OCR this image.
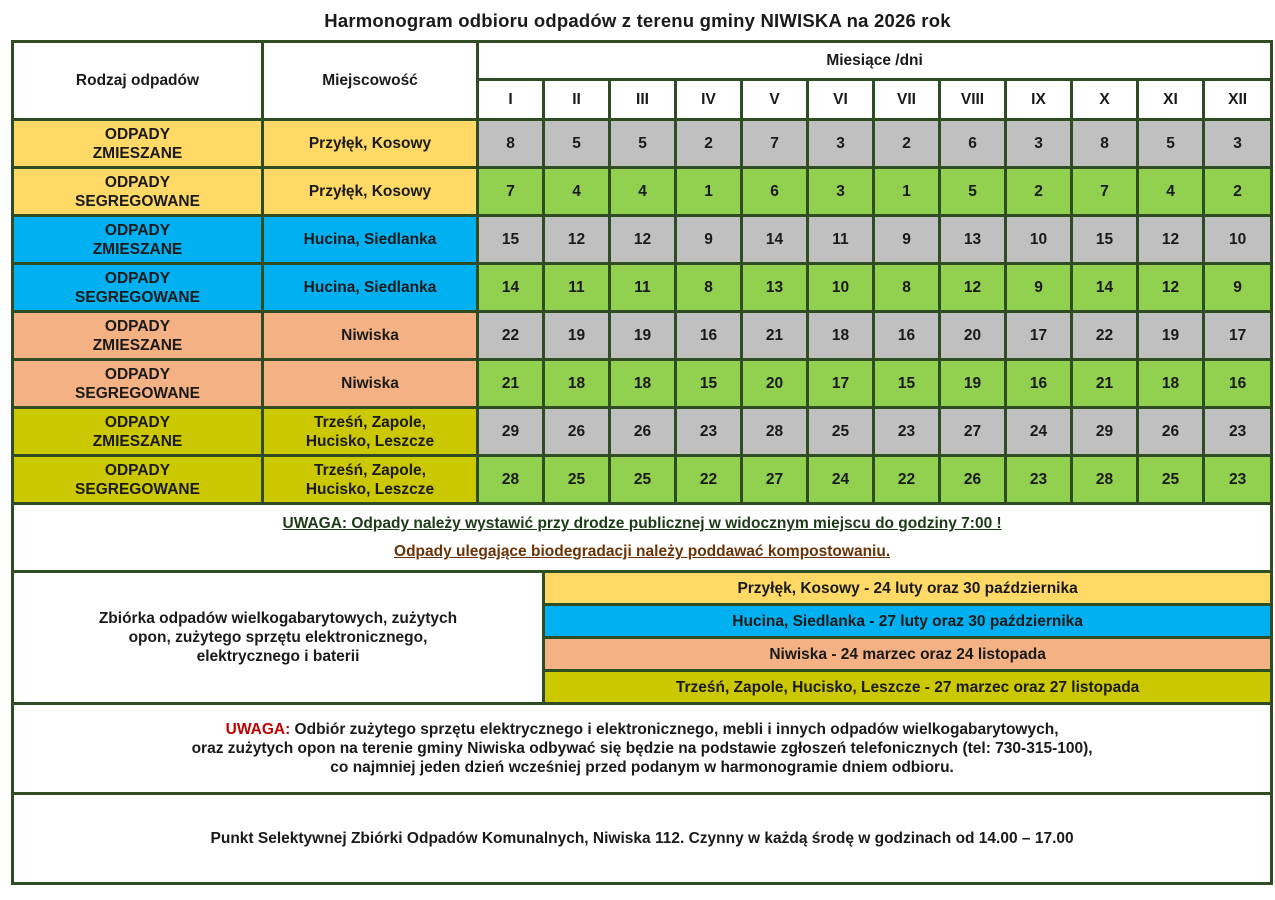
Harmonogram odbioru odpadów z terenu gminy NIWISKA na 2026 rok
Rodzaj odpadów	Miejscowość	Miesiące /dni											
		I	II	III	IV	V	VI	VII	VIII	IX	X	XI	XII

ODPADY
ZMIESZANE	Przyłęk, Kosowy	8	5	5	2	7	3	2	6	3	8	5	3

ODPADY
SEGREGOWANE	Przyłęk, Kosowy	7	4	4	1	6	3	1	5	2	7	4	2

ODPADY
ZMIESZANE	Hucina, Siedlanka	15	12	12	9	14	11	9	13	10	15	12	10

ODPADY
SEGREGOWANE	Hucina, Siedlanka	14	11	11	8	13	10	8	12	9	14	12	9

ODPADY
ZMIESZANE	Niwiska	22	19	19	16	21	18	16	20	17	22	19	17

ODPADY
SEGREGOWANE	Niwiska	21	18	18	15	20	17	15	19	16	21	18	16

ODPADY
ZMIESZANE	Trześń, Zapole,
Hucisko, Leszcze	29	26	26	23	28	25	23	27	24	29	26	23

ODPADY
SEGREGOWANE	Trześń, Zapole,
Hucisko, Leszcze	28	25	25	22	27	24	22	26	23	28	25	23

UWAGA: Odpady należy wystawić przy drodze publicznej w widocznym miejscu do godziny 7:00 !
Odpady ulegające biodegradacji należy poddawać kompostowaniu.													

Zbiórka odpadów wielkogabarytowych, zużytych
opon, zużytego sprzętu elektronicznego,
elektrycznego i baterii			Przyłęk, Kosowy - 24 luty oraz 30 października										
			Hucina, Siedlanka - 27 luty oraz 30 października										
			Niwiska - 24 marzec oraz 24 listopada										
			Trześń, Zapole, Hucisko, Leszcze - 27 marzec oraz 27 listopada										

UWAGA: Odbiór zużytego sprzętu elektrycznego i elektronicznego, mebli i innych odpadów wielkogabarytowych,
oraz zużytych opon na terenie gminy Niwiska odbywać się będzie na podstawie zgłoszeń telefonicznych (tel: 730-315-100),
co najmniej jeden dzień wcześniej przed podanym w harmonogramie dniem odbioru.													

Punkt Selektywnej Zbiórki Odpadów Komunalnych, Niwiska 112. Czynny w każdą środę w godzinach od 14.00 – 17.00													
